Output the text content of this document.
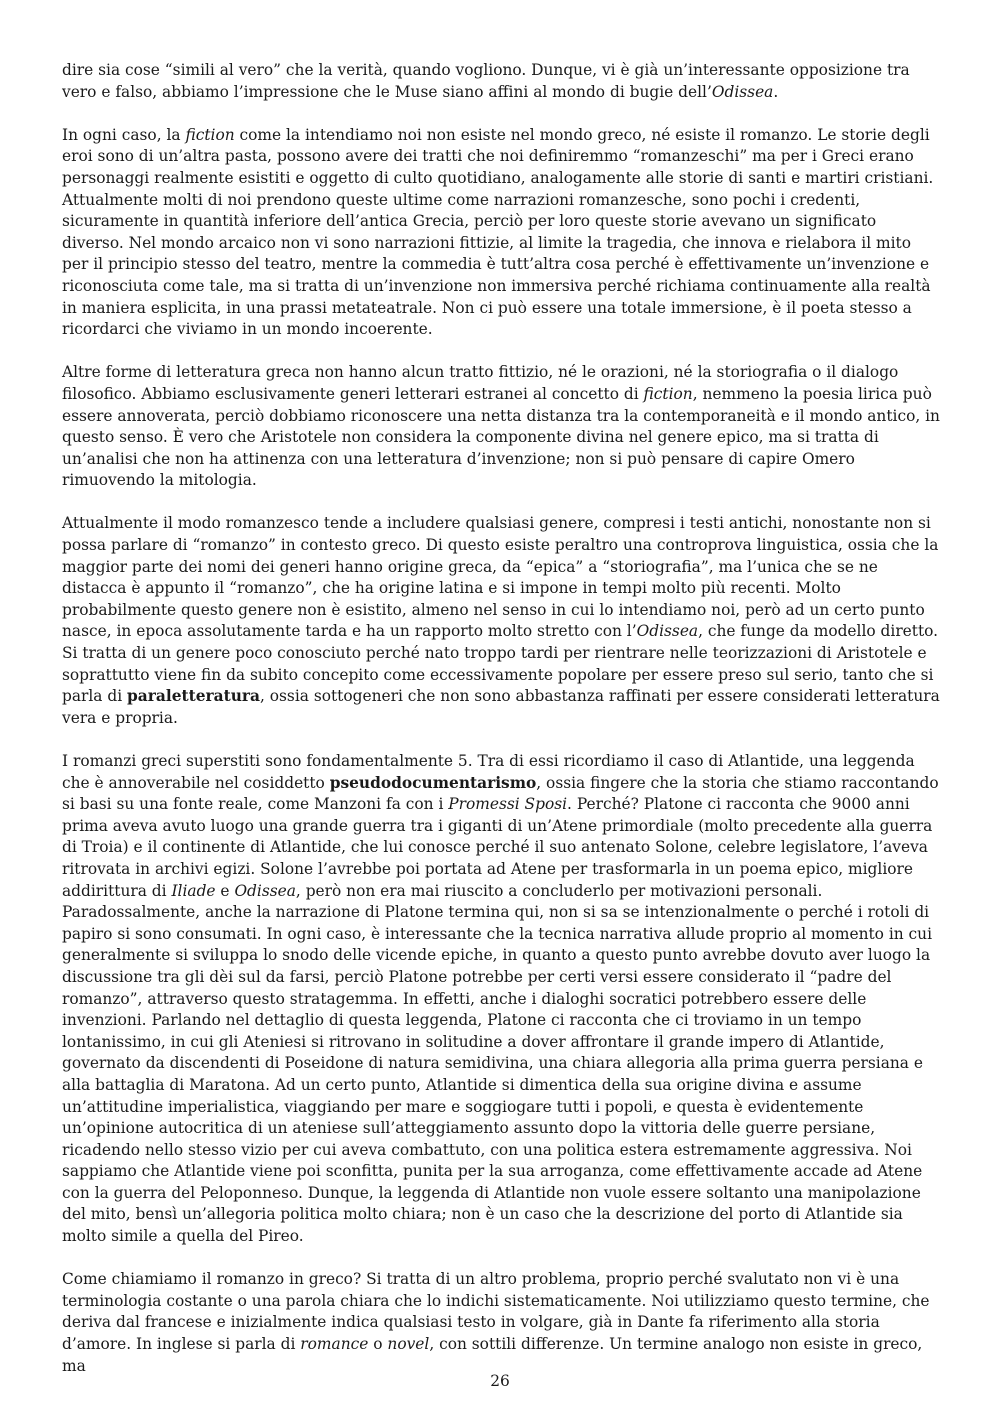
dire sia cose “simili al vero” che la verità, quando vogliono. Dunque, vi è già un’interessante opposizione tra vero e falso, abbiamo l’impressione che le Muse siano affini al mondo di bugie dell’Odissea.

In ogni caso, la fiction come la intendiamo noi non esiste nel mondo greco, né esiste il romanzo. Le storie degli eroi sono di un’altra pasta, possono avere dei tratti che noi definiremmo “romanzeschi” ma per i Greci erano personaggi realmente esistiti e oggetto di culto quotidiano, analogamente alle storie di santi e martiri cristiani. Attualmente molti di noi prendono queste ultime come narrazioni romanzesche, sono pochi i credenti, sicuramente in quantità inferiore dell’antica Grecia, perciò per loro queste storie avevano un significato diverso. Nel mondo arcaico non vi sono narrazioni fittizie, al limite la tragedia, che innova e rielabora il mito per il principio stesso del teatro, mentre la commedia è tutt’altra cosa perché è effettivamente un’invenzione e riconosciuta come tale, ma si tratta di un’invenzione non immersiva perché richiama continuamente alla realtà in maniera esplicita, in una prassi metateatrale. Non ci può essere una totale immersione, è il poeta stesso a ricordarci che viviamo in un mondo incoerente.

Altre forme di letteratura greca non hanno alcun tratto fittizio, né le orazioni, né la storiografia o il dialogo filosofico. Abbiamo esclusivamente generi letterari estranei al concetto di fiction, nemmeno la poesia lirica può essere annoverata, perciò dobbiamo riconoscere una netta distanza tra la contemporaneità e il mondo antico, in questo senso. È vero che Aristotele non considera la componente divina nel genere epico, ma si tratta di un’analisi che non ha attinenza con una letteratura d’invenzione; non si può pensare di capire Omero rimuovendo la mitologia.

Attualmente il modo romanzesco tende a includere qualsiasi genere, compresi i testi antichi, nonostante non si possa parlare di “romanzo” in contesto greco. Di questo esiste peraltro una controprova linguistica, ossia che la maggior parte dei nomi dei generi hanno origine greca, da “epica” a “storiografia”, ma l’unica che se ne distacca è appunto il “romanzo”, che ha origine latina e si impone in tempi molto più recenti. Molto probabilmente questo genere non è esistito, almeno nel senso in cui lo intendiamo noi, però ad un certo punto nasce, in epoca assolutamente tarda e ha un rapporto molto stretto con l’Odissea, che funge da modello diretto. Si tratta di un genere poco conosciuto perché nato troppo tardi per rientrare nelle teorizzazioni di Aristotele e soprattutto viene fin da subito concepito come eccessivamente popolare per essere preso sul serio, tanto che si parla di paraletteratura, ossia sottogeneri che non sono abbastanza raffinati per essere considerati letteratura vera e propria.

I romanzi greci superstiti sono fondamentalmente 5. Tra di essi ricordiamo il caso di Atlantide, una leggenda che è annoverabile nel cosiddetto pseudodocumentarismo, ossia fingere che la storia che stiamo raccontando si basi su una fonte reale, come Manzoni fa con i Promessi Sposi. Perché? Platone ci racconta che 9000 anni prima aveva avuto luogo una grande guerra tra i giganti di un’Atene primordiale (molto precedente alla guerra di Troia) e il continente di Atlantide, che lui conosce perché il suo antenato Solone, celebre legislatore, l’aveva ritrovata in archivi egizi. Solone l’avrebbe poi portata ad Atene per trasformarla in un poema epico, migliore addirittura di Iliade e Odissea, però non era mai riuscito a concluderlo per motivazioni personali. Paradossalmente, anche la narrazione di Platone termina qui, non si sa se intenzionalmente o perché i rotoli di papiro si sono consumati. In ogni caso, è interessante che la tecnica narrativa allude proprio al momento in cui generalmente si sviluppa lo snodo delle vicende epiche, in quanto a questo punto avrebbe dovuto aver luogo la discussione tra gli dèi sul da farsi, perciò Platone potrebbe per certi versi essere considerato il “padre del romanzo”, attraverso questo stratagemma. In effetti, anche i dialoghi socratici potrebbero essere delle invenzioni. Parlando nel dettaglio di questa leggenda, Platone ci racconta che ci troviamo in un tempo lontanissimo, in cui gli Ateniesi si ritrovano in solitudine a dover affrontare il grande impero di Atlantide, governato da discendenti di Poseidone di natura semidivina, una chiara allegoria alla prima guerra persiana e alla battaglia di Maratona. Ad un certo punto, Atlantide si dimentica della sua origine divina e assume un’attitudine imperialistica, viaggiando per mare e soggiogare tutti i popoli, e questa è evidentemente un’opinione autocritica di un ateniese sull’atteggiamento assunto dopo la vittoria delle guerre persiane, ricadendo nello stesso vizio per cui aveva combattuto, con una politica estera estremamente aggressiva. Noi sappiamo che Atlantide viene poi sconfitta, punita per la sua arroganza, come effettivamente accade ad Atene con la guerra del Peloponneso. Dunque, la leggenda di Atlantide non vuole essere soltanto una manipolazione del mito, bensì un’allegoria politica molto chiara; non è un caso che la descrizione del porto di Atlantide sia molto simile a quella del Pireo.

Come chiamiamo il romanzo in greco? Si tratta di un altro problema, proprio perché svalutato non vi è una terminologia costante o una parola chiara che lo indichi sistematicamente. Noi utilizziamo questo termine, che deriva dal francese e inizialmente indica qualsiasi testo in volgare, già in Dante fa riferimento alla storia d’amore. In inglese si parla di romance o novel, con sottili differenze. Un termine analogo non esiste in greco, ma

26
